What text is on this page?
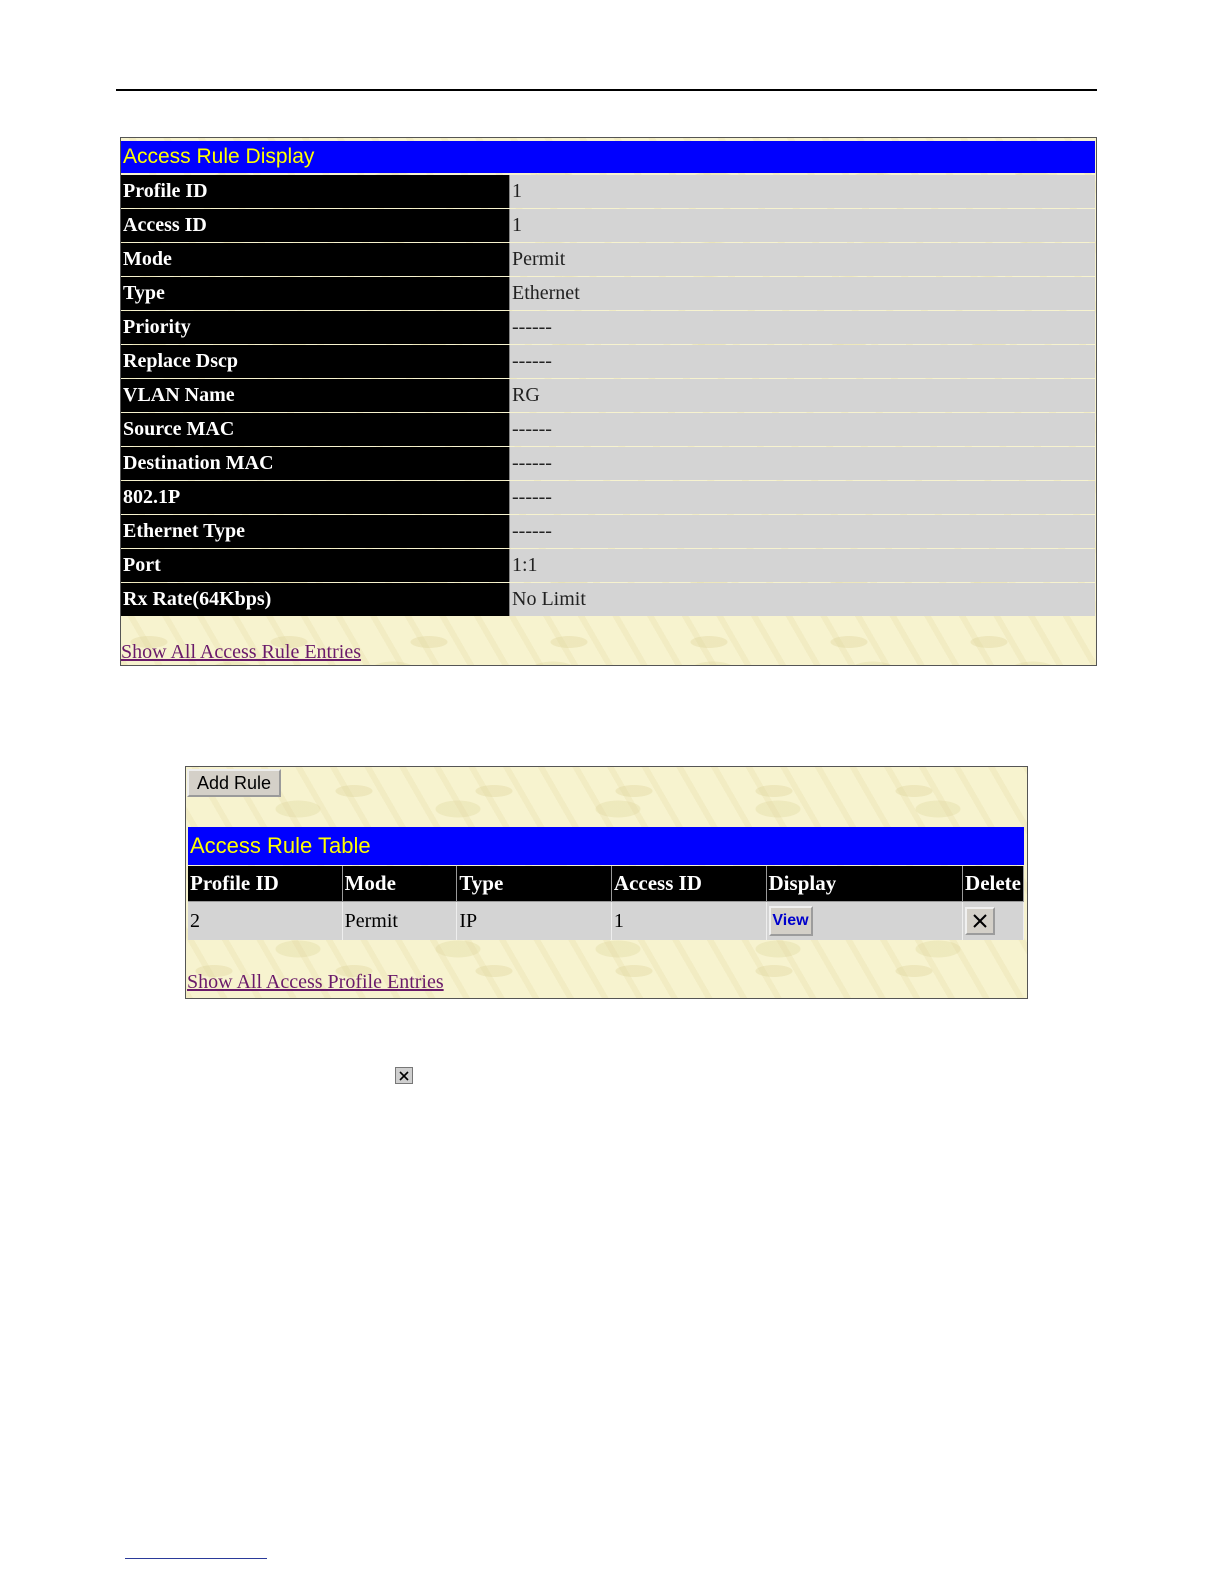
Access Rule Display
Profile ID	1
Access ID	1
Mode	Permit
Type	Ethernet
Priority	------
Replace Dscp	------
VLAN Name	RG
Source MAC	------
Destination MAC	------
802.1P	------
Ethernet Type	------
Port	1:1
Rx Rate(64Kbps)	No Limit
Show All Access Rule Entries
Add Rule
Access Rule Table
Profile ID	Mode	Type	Access ID	Display	Delete
2	Permit	IP	1	View	
Show All Access Profile Entries
